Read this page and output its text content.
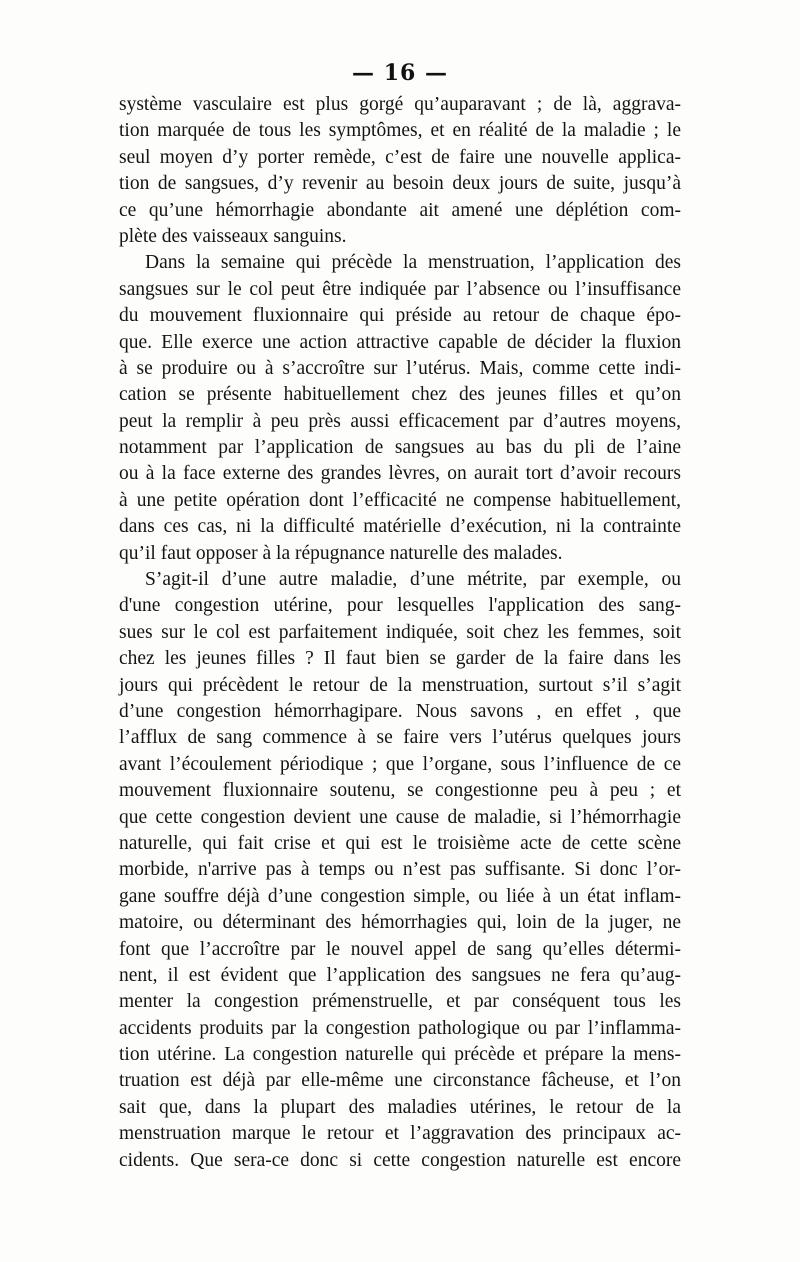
— 16 —
système vasculaire est plus gorgé qu’auparavant ; de là, aggrava-
tion marquée de tous les symptômes, et en réalité de la maladie ; le
seul moyen d’y porter remède, c’est de faire une nouvelle applica-
tion de sangsues, d’y revenir au besoin deux jours de suite, jusqu’à
ce qu’une hémorrhagie abondante ait amené une déplétion com-
plète des vaisseaux sanguins.
Dans la semaine qui précède la menstruation, l’application des
sangsues sur le col peut être indiquée par l’absence ou l’insuffisance
du mouvement fluxionnaire qui préside au retour de chaque épo-
que. Elle exerce une action attractive capable de décider la fluxion
à se produire ou à s’accroître sur l’utérus. Mais, comme cette indi-
cation se présente habituellement chez des jeunes filles et qu’on
peut la remplir à peu près aussi efficacement par d’autres moyens,
notamment par l’application de sangsues au bas du pli de l’aine
ou à la face externe des grandes lèvres, on aurait tort d’avoir recours
à une petite opération dont l’efficacité ne compense habituellement,
dans ces cas, ni la difficulté matérielle d’exécution, ni la contrainte
qu’il faut opposer à la répugnance naturelle des malades.
S’agit-il d’une autre maladie, d’une métrite, par exemple, ou
d'une congestion utérine, pour lesquelles l'application des sang-
sues sur le col est parfaitement indiquée, soit chez les femmes, soit
chez les jeunes filles ? Il faut bien se garder de la faire dans les
jours qui précèdent le retour de la menstruation, surtout s’il s’agit
d’une congestion hémorrhagipare. Nous savons , en effet , que
l’afflux de sang commence à se faire vers l’utérus quelques jours
avant l’écoulement périodique ; que l’organe, sous l’influence de ce
mouvement fluxionnaire soutenu, se congestionne peu à peu ; et
que cette congestion devient une cause de maladie, si l’hémorrhagie
naturelle, qui fait crise et qui est le troisième acte de cette scène
morbide, n'arrive pas à temps ou n’est pas suffisante. Si donc l’or-
gane souffre déjà d’une congestion simple, ou liée à un état inflam-
matoire, ou déterminant des hémorrhagies qui, loin de la juger, ne
font que l’accroître par le nouvel appel de sang qu’elles détermi-
nent, il est évident que l’application des sangsues ne fera qu’aug-
menter la congestion prémenstruelle, et par conséquent tous les
accidents produits par la congestion pathologique ou par l’inflamma-
tion utérine. La congestion naturelle qui précède et prépare la mens-
truation est déjà par elle-même une circonstance fâcheuse, et l’on
sait que, dans la plupart des maladies utérines, le retour de la
menstruation marque le retour et l’aggravation des principaux ac-
cidents. Que sera-ce donc si cette congestion naturelle est encore
